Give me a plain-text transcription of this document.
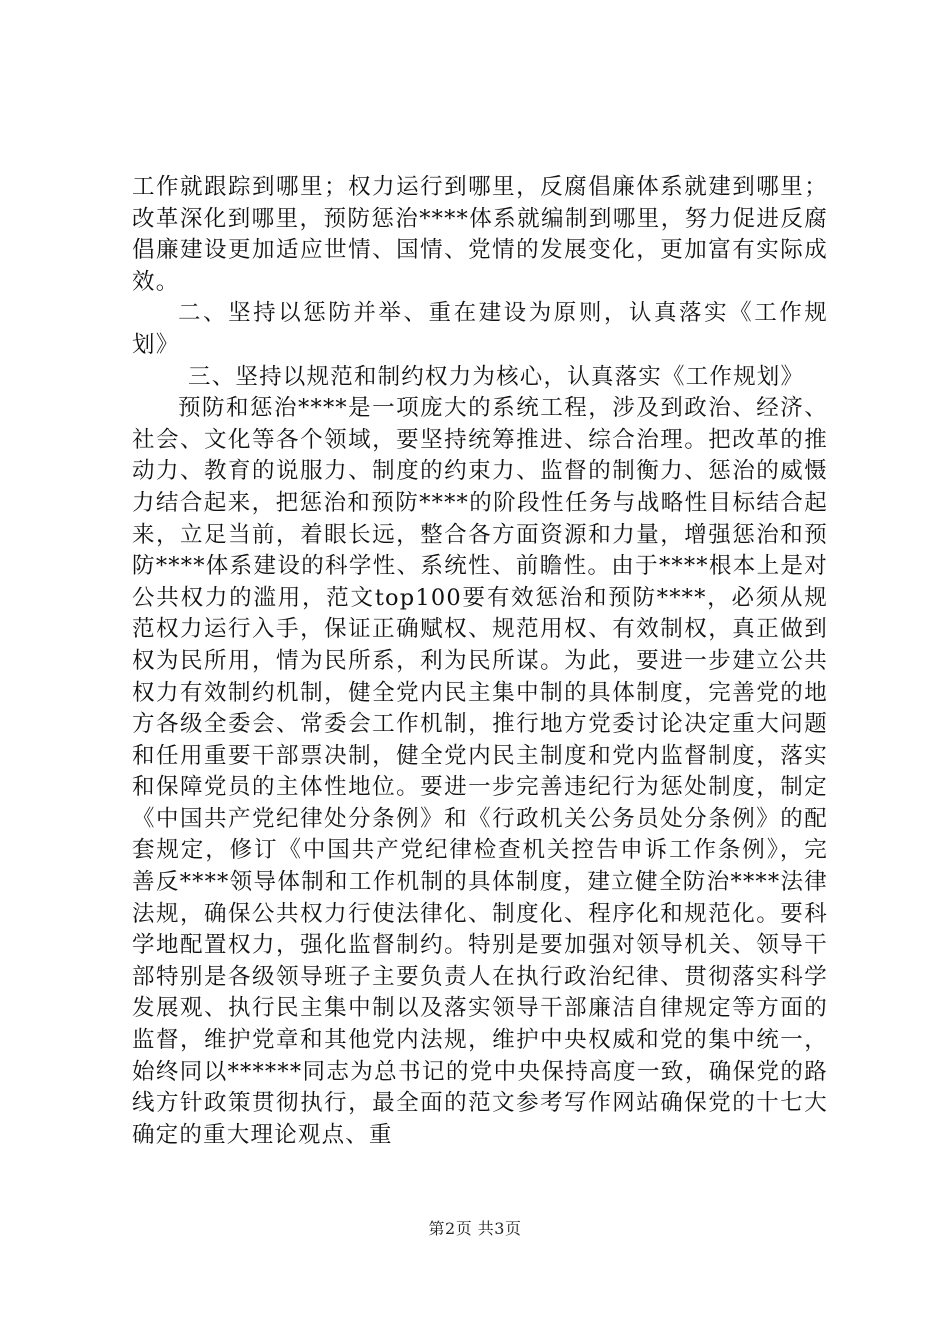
工作就跟踪到哪里；权力运行到哪里，反腐倡廉体系就建到哪里；改革深化到哪里，预防惩治****体系就编制到哪里，努力促进反腐倡廉建设更加适应世情、国情、党情的发展变化，更加富有实际成效。

二、坚持以惩防并举、重在建设为原则，认真落实《工作规划》

三、坚持以规范和制约权力为核心，认真落实《工作规划》

预防和惩治****是一项庞大的系统工程，涉及到政治、经济、社会、文化等各个领域，要坚持统筹推进、综合治理。把改革的推动力、教育的说服力、制度的约束力、监督的制衡力、惩治的威慑力结合起来，把惩治和预防****的阶段性任务与战略性目标结合起来，立足当前，着眼长远，整合各方面资源和力量，增强惩治和预防****体系建设的科学性、系统性、前瞻性。由于****根本上是对公共权力的滥用，范文top100要有效惩治和预防****，必须从规范权力运行入手，保证正确赋权、规范用权、有效制权，真正做到权为民所用，情为民所系，利为民所谋。为此，要进一步建立公共权力有效制约机制，健全党内民主集中制的具体制度，完善党的地方各级全委会、常委会工作机制，推行地方党委讨论决定重大问题和任用重要干部票决制，健全党内民主制度和党内监督制度，落实和保障党员的主体性地位。要进一步完善违纪行为惩处制度，制定《中国共产党纪律处分条例》和《行政机关公务员处分条例》的配套规定，修订《中国共产党纪律检查机关控告申诉工作条例》，完善反****领导体制和工作机制的具体制度，建立健全防治****法律法规，确保公共权力行使法律化、制度化、程序化和规范化。要科学地配置权力，强化监督制约。特别是要加强对领导机关、领导干部特别是各级领导班子主要负责人在执行政治纪律、贯彻落实科学发展观、执行民主集中制以及落实领导干部廉洁自律规定等方面的监督，维护党章和其他党内法规，维护中央权威和党的集中统一，始终同以******同志为总书记的党中央保持高度一致，确保党的路线方针政策贯彻执行，最全面的范文参考写作网站确保党的十七大确定的重大理论观点、重

第2页 共3页
